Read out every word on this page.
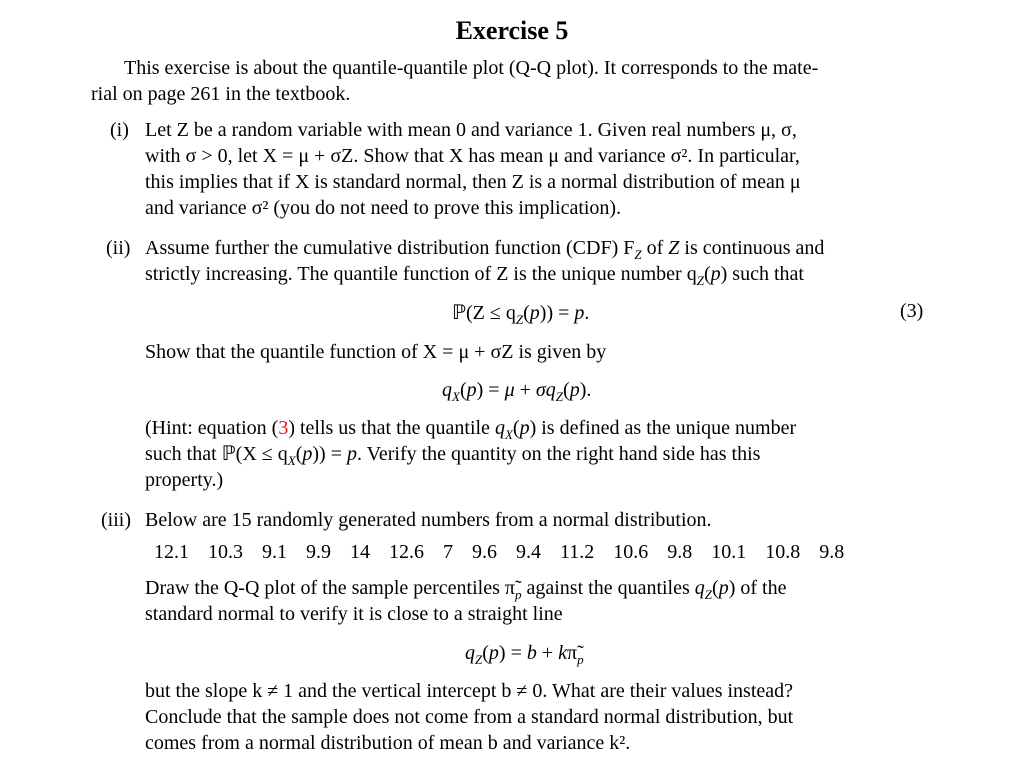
Exercise 5
This exercise is about the quantile-quantile plot (Q-Q plot). It corresponds to the mate-
rial on page 261 in the textbook.
(i) Let Z be a random variable with mean 0 and variance 1. Given real numbers μ, σ,
with σ > 0, let X = μ + σZ. Show that X has mean μ and variance σ². In particular,
this implies that if X is standard normal, then Z is a normal distribution of mean μ
and variance σ² (you do not need to prove this implication).
(ii) Assume further the cumulative distribution function (CDF) $F_Z$ of Z is continuous and
strictly increasing. The quantile function of Z is the unique number $q_Z(p)$ such that
ℙ(Z ≤ $q_Z(p)) = p$.	(3)
Show that the quantile function of X = μ + σZ is given by
$q_X(p) = \mu + \sigma q_Z(p)$.
(Hint: equation (3) tells us that the quantile $q_X(p)$ is defined as the unique number
such that ℙ(X ≤ $q_X(p)) = p$. Verify the quantity on the right hand side has this
property.)
(iii) Below are 15 randomly generated numbers from a normal distribution.
12.1 10.3 9.1 9.9 14 12.6 7 9.6 9.4 11.2 10.6 9.8 10.1 10.8 9.8
Draw the Q-Q plot of the sample percentiles $\pĩ_p$ against the quantiles $q_Z(p)$ of the
standard normal to verify it is close to a straight line
$q_Z(p) = b$ + $k\pĩ_p$
but the slope k ≠ 1 and the vertical intercept b ≠ 0. What are their values instead?
Conclude that the sample does not come from a standard normal distribution, but
comes from a normal distribution of mean b and variance k².
